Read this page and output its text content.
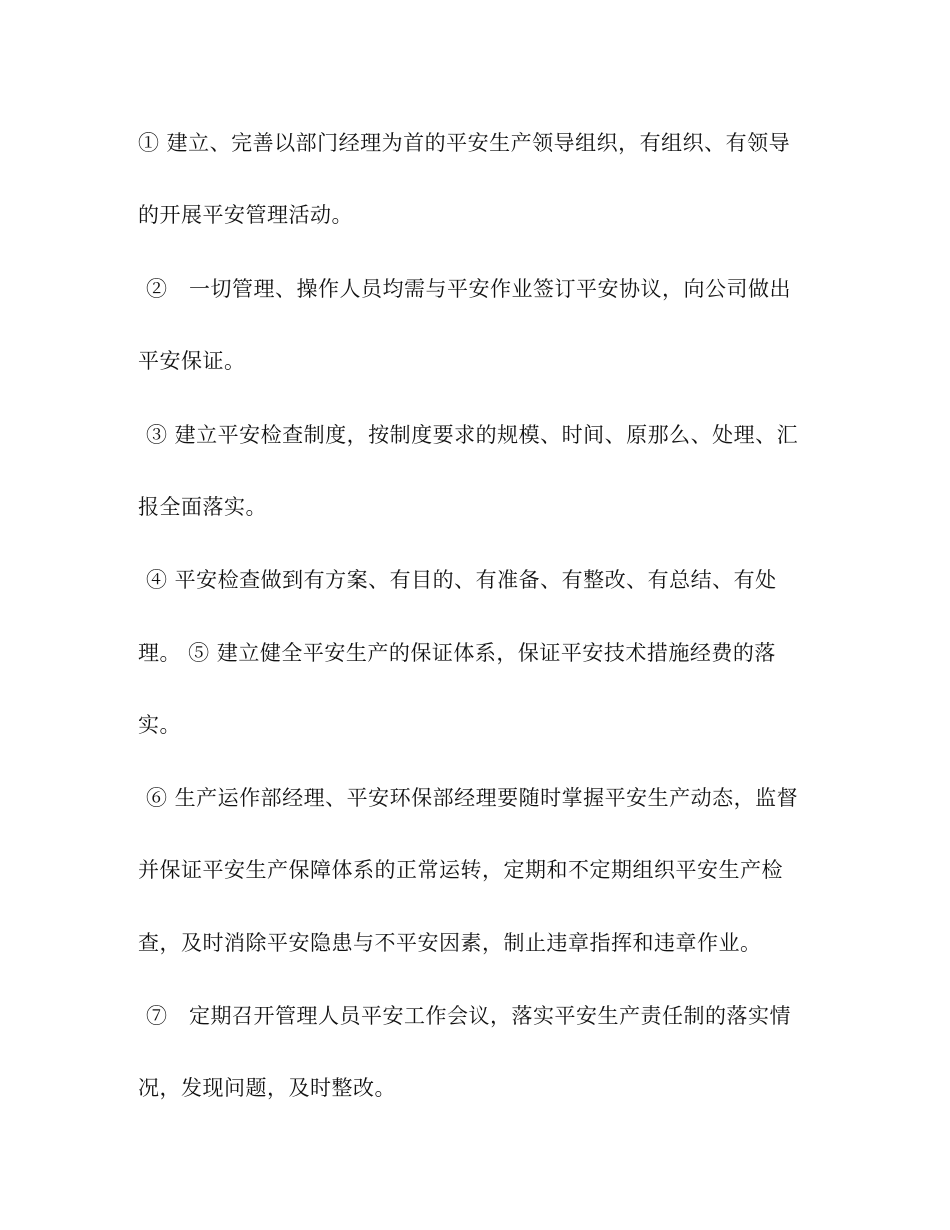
① 建立、完善以部门经理为首的平安生产领导组织，有组织、有领导
的开展平安管理活动。
②　一切管理、操作人员均需与平安作业签订平安协议，向公司做出
平安保证。
③ 建立平安检查制度，按制度要求的规模、时间、原那么、处理、汇
报全面落实。
④ 平安检查做到有方案、有目的、有准备、有整改、有总结、有处
理。 ⑤ 建立健全平安生产的保证体系，保证平安技术措施经费的落
实。
⑥ 生产运作部经理、平安环保部经理要随时掌握平安生产动态，监督
并保证平安生产保障体系的正常运转，定期和不定期组织平安生产检
查，及时消除平安隐患与不平安因素，制止违章指挥和违章作业。
⑦　定期召开管理人员平安工作会议，落实平安生产责任制的落实情
况，发现问题，及时整改。
